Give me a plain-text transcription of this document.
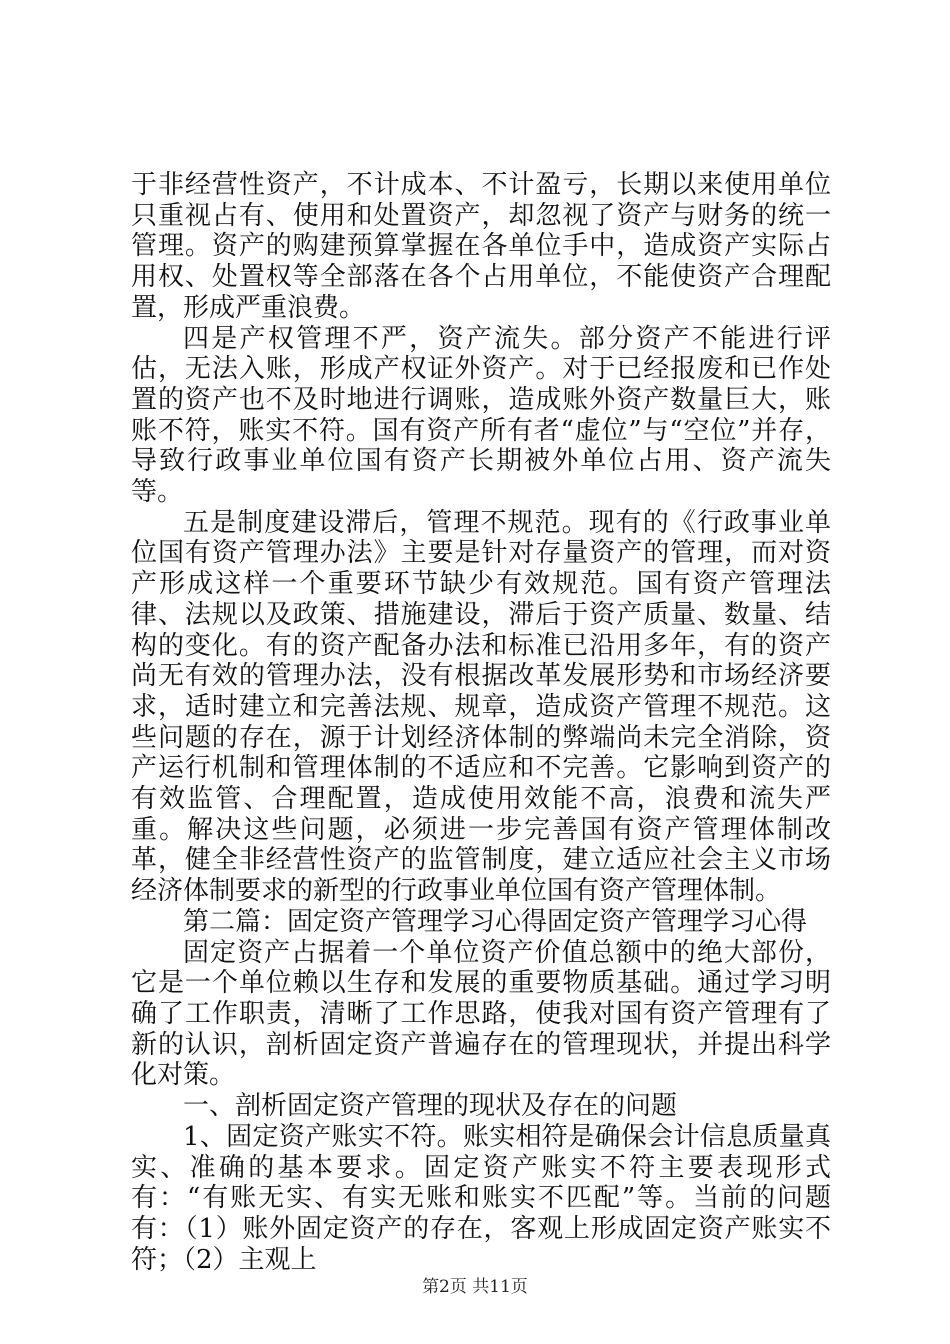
于非经营性资产，不计成本、不计盈亏，长期以来使用单位只重视占有、使用和处置资产，却忽视了资产与财务的统一管理。资产的购建预算掌握在各单位手中，造成资产实际占用权、处置权等全部落在各个占用单位，不能使资产合理配置，形成严重浪费。

四是产权管理不严，资产流失。部分资产不能进行评估，无法入账，形成产权证外资产。对于已经报废和已作处置的资产也不及时地进行调账，造成账外资产数量巨大，账账不符，账实不符。国有资产所有者“虚位”与“空位”并存，导致行政事业单位国有资产长期被外单位占用、资产流失等。

五是制度建设滞后，管理不规范。现有的《行政事业单位国有资产管理办法》主要是针对存量资产的管理，而对资产形成这样一个重要环节缺少有效规范。国有资产管理法律、法规以及政策、措施建设，滞后于资产质量、数量、结构的变化。有的资产配备办法和标准已沿用多年，有的资产尚无有效的管理办法，没有根据改革发展形势和市场经济要求，适时建立和完善法规、规章，造成资产管理不规范。这些问题的存在，源于计划经济体制的弊端尚未完全消除，资产运行机制和管理体制的不适应和不完善。它影响到资产的有效监管、合理配置，造成使用效能不高，浪费和流失严重。解决这些问题，必须进一步完善国有资产管理体制改革，健全非经营性资产的监管制度，建立适应社会主义市场经济体制要求的新型的行政事业单位国有资产管理体制。

第二篇：固定资产管理学习心得固定资产管理学习心得

固定资产占据着一个单位资产价值总额中的绝大部份，它是一个单位赖以生存和发展的重要物质基础。通过学习明确了工作职责，清晰了工作思路，使我对国有资产管理有了新的认识，剖析固定资产普遍存在的管理现状，并提出科学化对策。

一、剖析固定资产管理的现状及存在的问题

1、固定资产账实不符。账实相符是确保会计信息质量真实、准确的基本要求。固定资产账实不符主要表现形式有：“有账无实、有实无账和账实不匹配”等。当前的问题有：（1）账外固定资产的存在，客观上形成固定资产账实不符；（2）主观上

第2页 共11页
